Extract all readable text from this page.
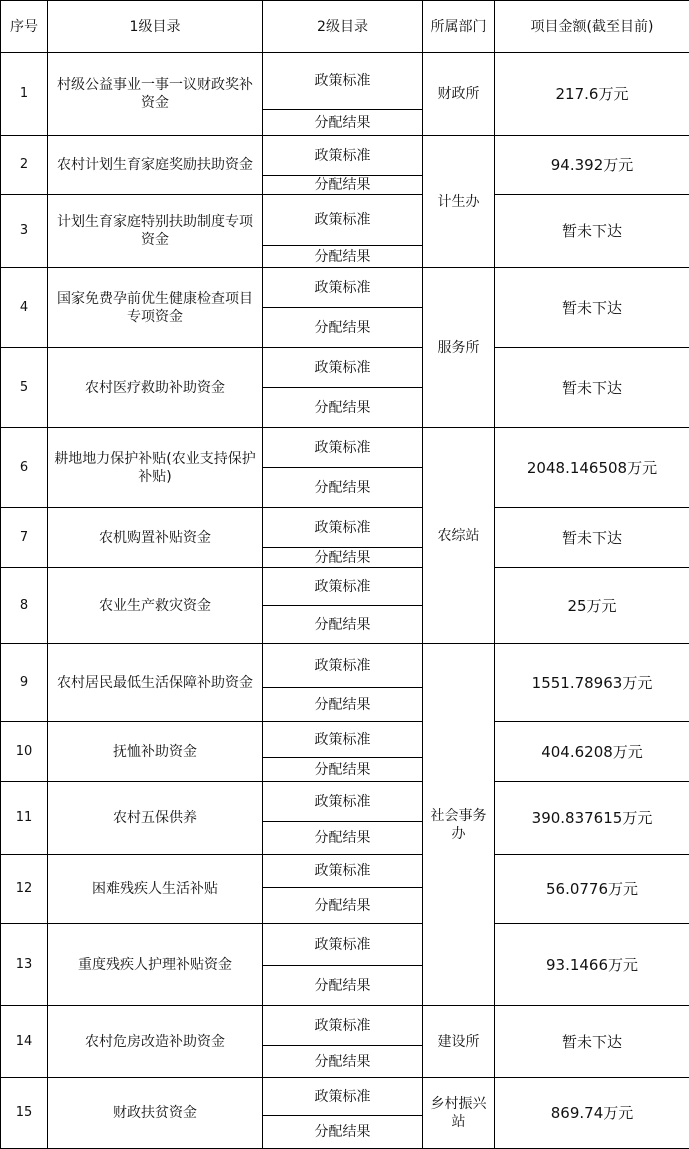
序号	1级目录	2级目录	所属部门	项目金额(截至目前)
1	村级公益事业一事一议财政奖补资金	政策标准	财政所	217.6万元
		分配结果		
2	农村计划生育家庭奖励扶助资金	政策标准	计生办	94.392万元
		分配结果		
3	计划生育家庭特别扶助制度专项资金	政策标准		暂未下达
		分配结果		
4	国家免费孕前优生健康检查项目专项资金	政策标准	服务所	暂未下达
		分配结果		
5	农村医疗救助补助资金	政策标准		暂未下达
		分配结果		
6	耕地地力保护补贴(农业支持保护补贴)	政策标准	农综站	2048.146508万元
		分配结果		
7	农机购置补贴资金	政策标准		暂未下达
		分配结果		
8	农业生产救灾资金	政策标准		25万元
		分配结果		
9	农村居民最低生活保障补助资金	政策标准	社会事务办	1551.78963万元
		分配结果		
10	抚恤补助资金	政策标准		404.6208万元
		分配结果		
11	农村五保供养	政策标准		390.837615万元
		分配结果		
12	困难残疾人生活补贴	政策标准		56.0776万元
		分配结果		
13	重度残疾人护理补贴资金	政策标准		93.1466万元
		分配结果		
14	农村危房改造补助资金	政策标准	建设所	暂未下达
		分配结果		
15	财政扶贫资金	政策标准	乡村振兴站	869.74万元
		分配结果		
